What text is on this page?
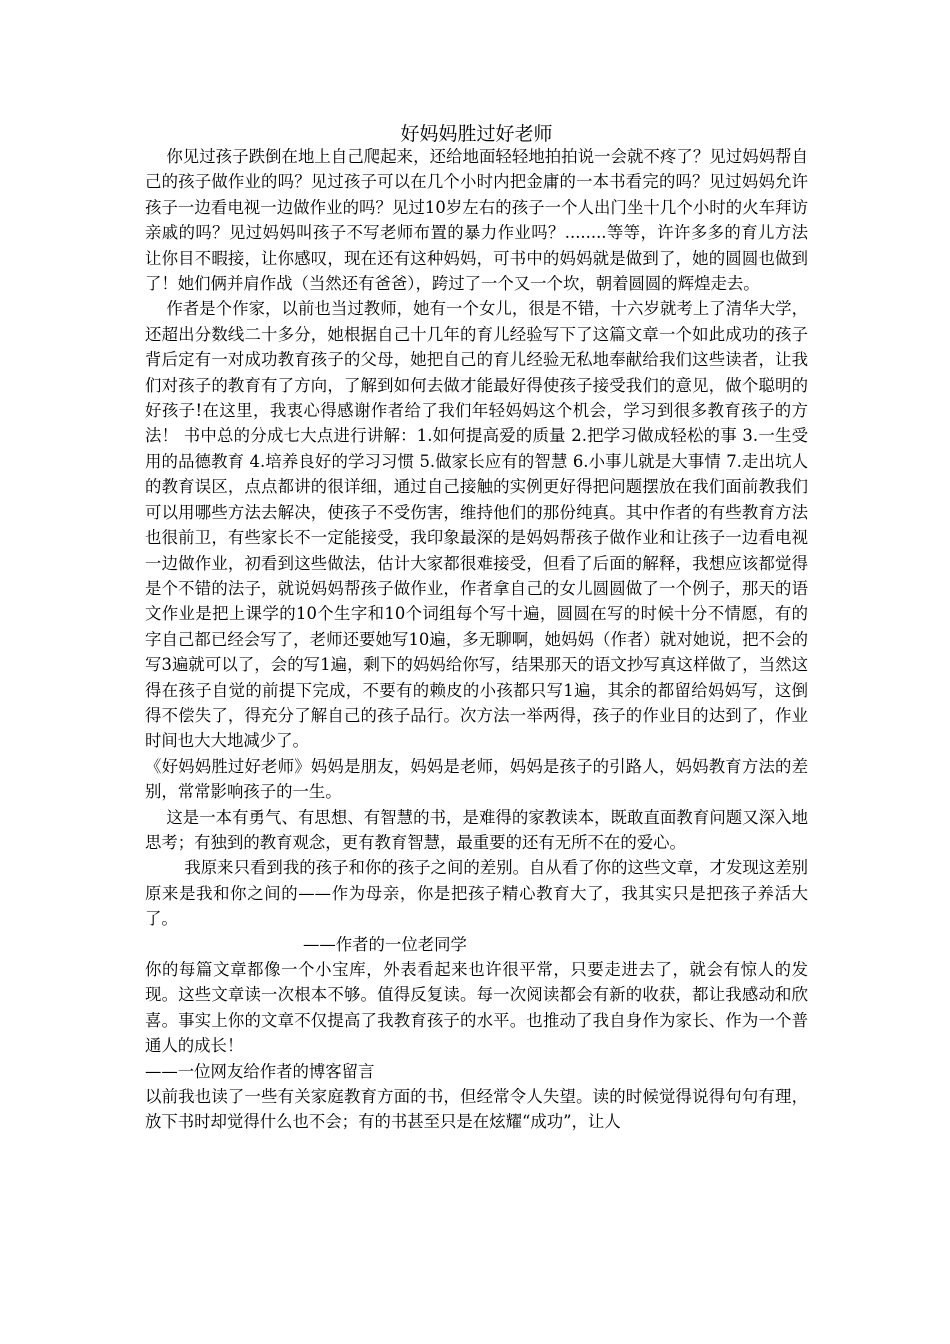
好妈妈胜过好老师

你见过孩子跌倒在地上自己爬起来，还给地面轻轻地拍拍说一会就不疼了？见过妈妈帮自己的孩子做作业的吗？见过孩子可以在几个小时内把金庸的一本书看完的吗？见过妈妈允许孩子一边看电视一边做作业的吗？见过10岁左右的孩子一个人出门坐十几个小时的火车拜访亲戚的吗？见过妈妈叫孩子不写老师布置的暴力作业吗？........等等，许许多多的育儿方法让你目不暇接，让你感叹，现在还有这种妈妈，可书中的妈妈就是做到了，她的圆圆也做到了！她们俩并肩作战（当然还有爸爸），跨过了一个又一个坎，朝着圆圆的辉煌走去。

作者是个作家，以前也当过教师，她有一个女儿，很是不错，十六岁就考上了清华大学，还超出分数线二十多分，她根据自己十几年的育儿经验写下了这篇文章一个如此成功的孩子背后定有一对成功教育孩子的父母，她把自己的育儿经验无私地奉献给我们这些读者，让我们对孩子的教育有了方向，了解到如何去做才能最好得使孩子接受我们的意见，做个聪明的好孩子!在这里，我衷心得感谢作者给了我们年轻妈妈这个机会，学习到很多教育孩子的方法！ 书中总的分成七大点进行讲解：1.如何提高爱的质量 2.把学习做成轻松的事 3.一生受用的品德教育 4.培养良好的学习习惯 5.做家长应有的智慧 6.小事儿就是大事情 7.走出坑人的教育误区，点点都讲的很详细，通过自己接触的实例更好得把问题摆放在我们面前教我们可以用哪些方法去解决，使孩子不受伤害，维持他们的那份纯真。其中作者的有些教育方法也很前卫，有些家长不一定能接受，我印象最深的是妈妈帮孩子做作业和让孩子一边看电视一边做作业，初看到这些做法，估计大家都很难接受，但看了后面的解释，我想应该都觉得是个不错的法子，就说妈妈帮孩子做作业，作者拿自己的女儿圆圆做了一个例子，那天的语文作业是把上课学的10个生字和10个词组每个写十遍，圆圆在写的时候十分不情愿，有的字自己都已经会写了，老师还要她写10遍，多无聊啊，她妈妈（作者）就对她说，把不会的写3遍就可以了，会的写1遍，剩下的妈妈给你写，结果那天的语文抄写真这样做了，当然这得在孩子自觉的前提下完成，不要有的赖皮的小孩都只写1遍，其余的都留给妈妈写，这倒得不偿失了，得充分了解自己的孩子品行。次方法一举两得，孩子的作业目的达到了，作业时间也大大地减少了。

《好妈妈胜过好老师》妈妈是朋友，妈妈是老师，妈妈是孩子的引路人，妈妈教育方法的差别，常常影响孩子的一生。

这是一本有勇气、有思想、有智慧的书，是难得的家教读本，既敢直面教育问题又深入地思考；有独到的教育观念，更有教育智慧，最重要的还有无所不在的爱心。

我原来只看到我的孩子和你的孩子之间的差别。自从看了你的这些文章，才发现这差别原来是我和你之间的——作为母亲，你是把孩子精心教育大了，我其实只是把孩子养活大了。

——作者的一位老同学

你的每篇文章都像一个小宝库，外表看起来也许很平常，只要走进去了，就会有惊人的发现。这些文章读一次根本不够。值得反复读。每一次阅读都会有新的收获，都让我感动和欣喜。事实上你的文章不仅提高了我教育孩子的水平。也推动了我自身作为家长、作为一个普通人的成长！

——一位网友给作者的博客留言

以前我也读了一些有关家庭教育方面的书，但经常令人失望。读的时候觉得说得句句有理，放下书时却觉得什么也不会；有的书甚至只是在炫耀“成功”，让人
